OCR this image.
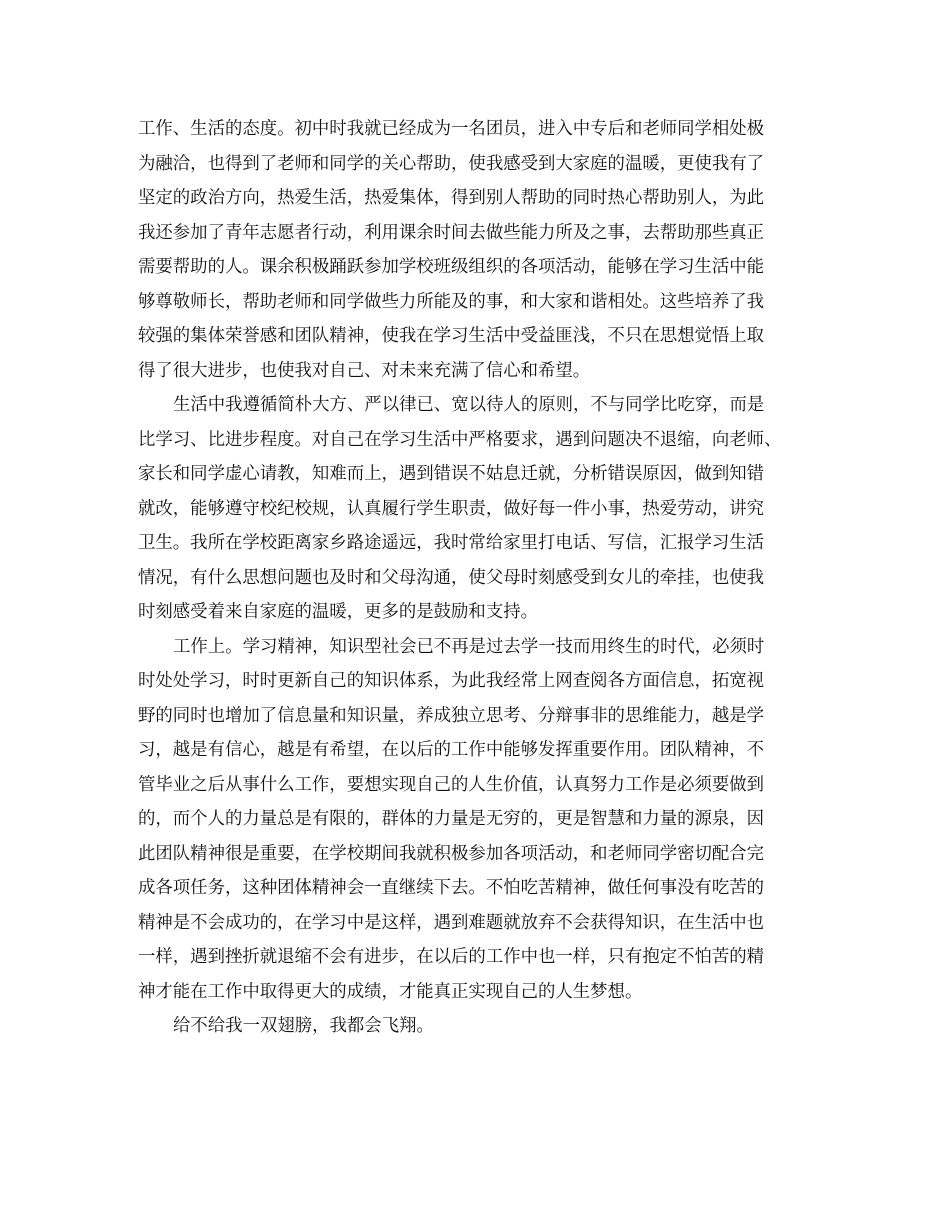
工作、生活的态度。初中时我就已经成为一名团员，进入中专后和老师同学相处极
为融洽，也得到了老师和同学的关心帮助，使我感受到大家庭的温暖，更使我有了
坚定的政治方向，热爱生活，热爱集体，得到别人帮助的同时热心帮助别人，为此
我还参加了青年志愿者行动，利用课余时间去做些能力所及之事，去帮助那些真正
需要帮助的人。课余积极踊跃参加学校班级组织的各项活动，能够在学习生活中能
够尊敬师长，帮助老师和同学做些力所能及的事，和大家和谐相处。这些培养了我
较强的集体荣誉感和团队精神，使我在学习生活中受益匪浅，不只在思想觉悟上取
得了很大进步，也使我对自己、对未来充满了信心和希望。
生活中我遵循简朴大方、严以律已、宽以待人的原则，不与同学比吃穿，而是
比学习、比进步程度。对自己在学习生活中严格要求，遇到问题决不退缩，向老师、
家长和同学虚心请教，知难而上，遇到错误不姑息迁就，分析错误原因，做到知错
就改，能够遵守校纪校规，认真履行学生职责，做好每一件小事，热爱劳动，讲究
卫生。我所在学校距离家乡路途遥远，我时常给家里打电话、写信，汇报学习生活
情况，有什么思想问题也及时和父母沟通，使父母时刻感受到女儿的牵挂，也使我
时刻感受着来自家庭的温暖，更多的是鼓励和支持。
工作上。学习精神，知识型社会已不再是过去学一技而用终生的时代，必须时
时处处学习，时时更新自己的知识体系，为此我经常上网查阅各方面信息，拓宽视
野的同时也增加了信息量和知识量，养成独立思考、分辩事非的思维能力，越是学
习，越是有信心，越是有希望，在以后的工作中能够发挥重要作用。团队精神，不
管毕业之后从事什么工作，要想实现自己的人生价值，认真努力工作是必须要做到
的，而个人的力量总是有限的，群体的力量是无穷的，更是智慧和力量的源泉，因
此团队精神很是重要，在学校期间我就积极参加各项活动，和老师同学密切配合完
成各项任务，这种团体精神会一直继续下去。不怕吃苦精神，做任何事没有吃苦的
精神是不会成功的，在学习中是这样，遇到难题就放弃不会获得知识，在生活中也
一样，遇到挫折就退缩不会有进步，在以后的工作中也一样，只有抱定不怕苦的精
神才能在工作中取得更大的成绩，才能真正实现自己的人生梦想。
给不给我一双翅膀，我都会飞翔。
